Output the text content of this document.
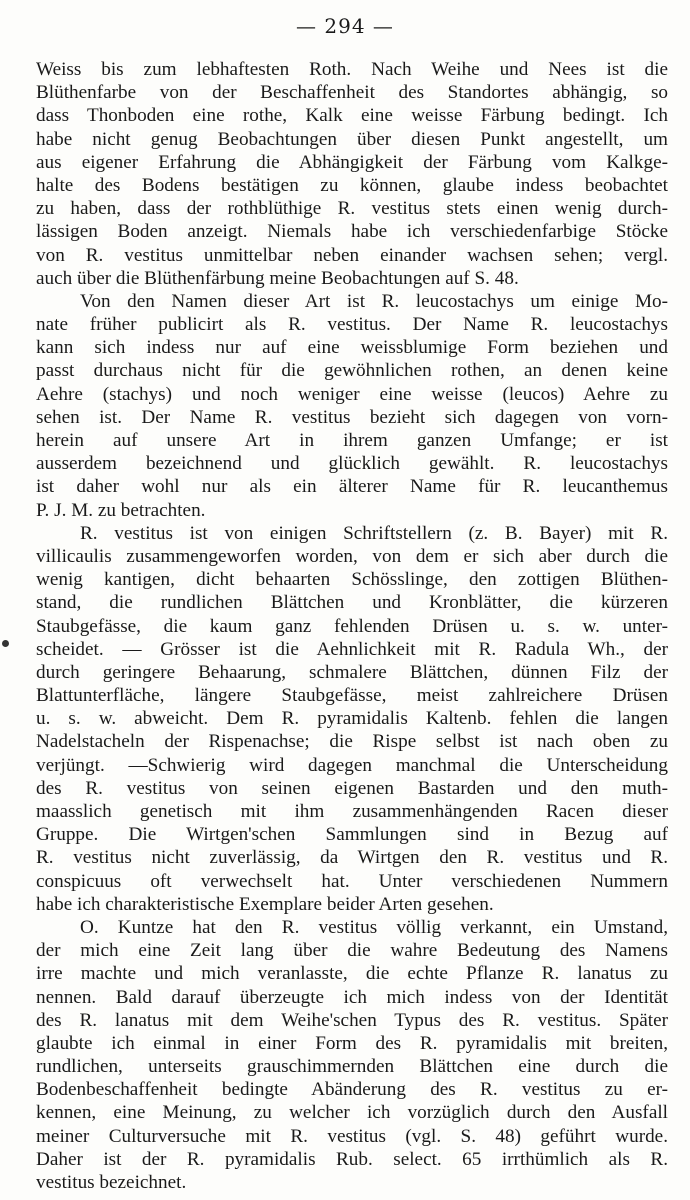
— 294 —
Weiss bis zum lebhaftesten Roth. Nach Weihe und Nees ist die
Blüthenfarbe von der Beschaffenheit des Standortes abhängig, so
dass Thonboden eine rothe, Kalk eine weisse Färbung bedingt. Ich
habe nicht genug Beobachtungen über diesen Punkt angestellt, um
aus eigener Erfahrung die Abhängigkeit der Färbung vom Kalkge-
halte des Bodens bestätigen zu können, glaube indess beobachtet
zu haben, dass der rothblüthige R. vestitus stets einen wenig durch-
lässigen Boden anzeigt. Niemals habe ich verschiedenfarbige Stöcke
von R. vestitus unmittelbar neben einander wachsen sehen; vergl.
auch über die Blüthenfärbung meine Beobachtungen auf S. 48.
Von den Namen dieser Art ist R. leucostachys um einige Mo-
nate früher publicirt als R. vestitus. Der Name R. leucostachys
kann sich indess nur auf eine weissblumige Form beziehen und
passt durchaus nicht für die gewöhnlichen rothen, an denen keine
Aehre (stachys) und noch weniger eine weisse (leucos) Aehre zu
sehen ist. Der Name R. vestitus bezieht sich dagegen von vorn-
herein auf unsere Art in ihrem ganzen Umfange; er ist
ausserdem bezeichnend und glücklich gewählt. R. leucostachys
ist daher wohl nur als ein älterer Name für R. leucanthemus
P. J. M. zu betrachten.
R. vestitus ist von einigen Schriftstellern (z. B. Bayer) mit R.
villicaulis zusammengeworfen worden, von dem er sich aber durch die
wenig kantigen, dicht behaarten Schösslinge, den zottigen Blüthen-
stand, die rundlichen Blättchen und Kronblätter, die kürzeren
Staubgefässe, die kaum ganz fehlenden Drüsen u. s. w. unter-
scheidet. — Grösser ist die Aehnlichkeit mit R. Radula Wh., der
durch geringere Behaarung, schmalere Blättchen, dünnen Filz der
Blattunterfläche, längere Staubgefässe, meist zahlreichere Drüsen
u. s. w. abweicht. Dem R. pyramidalis Kaltenb. fehlen die langen
Nadelstacheln der Rispenachse; die Rispe selbst ist nach oben zu
verjüngt. —Schwierig wird dagegen manchmal die Unterscheidung
des R. vestitus von seinen eigenen Bastarden und den muth-
maasslich genetisch mit ihm zusammenhängenden Racen dieser
Gruppe. Die Wirtgen'schen Sammlungen sind in Bezug auf
R. vestitus nicht zuverlässig, da Wirtgen den R. vestitus und R.
conspicuus oft verwechselt hat. Unter verschiedenen Nummern
habe ich charakteristische Exemplare beider Arten gesehen.
O. Kuntze hat den R. vestitus völlig verkannt, ein Umstand,
der mich eine Zeit lang über die wahre Bedeutung des Namens
irre machte und mich veranlasste, die echte Pflanze R. lanatus zu
nennen. Bald darauf überzeugte ich mich indess von der Identität
des R. lanatus mit dem Weihe'schen Typus des R. vestitus. Später
glaubte ich einmal in einer Form des R. pyramidalis mit breiten,
rundlichen, unterseits grauschimmernden Blättchen eine durch die
Bodenbeschaffenheit bedingte Abänderung des R. vestitus zu er-
kennen, eine Meinung, zu welcher ich vorzüglich durch den Ausfall
meiner Culturversuche mit R. vestitus (vgl. S. 48) geführt wurde.
Daher ist der R. pyramidalis Rub. select. 65 irrthümlich als R.
vestitus bezeichnet.
